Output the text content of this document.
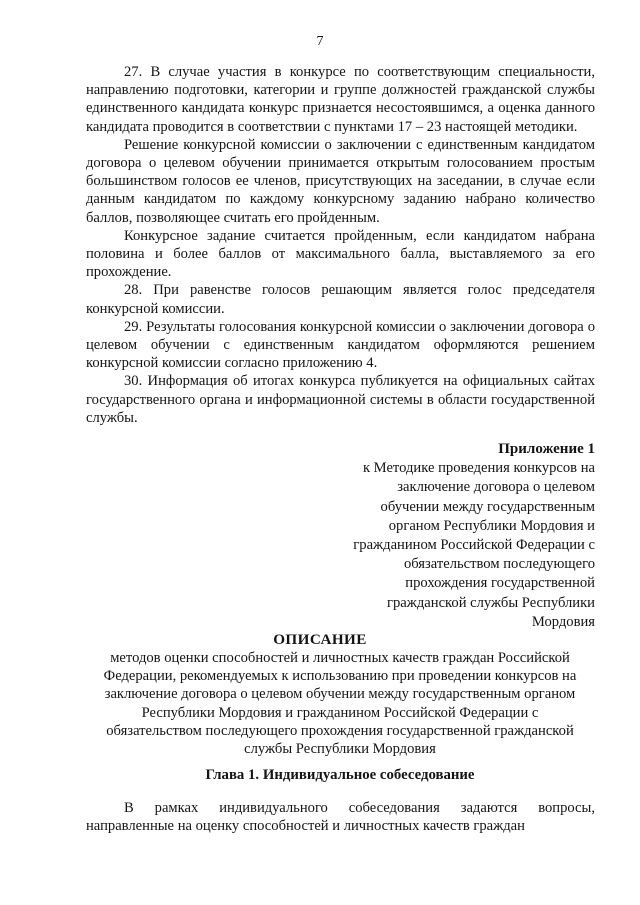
7

27. В случае участия в конкурсе по соответствующим специальности, направлению подготовки, категории и группе должностей гражданской службы единственного кандидата конкурс признается несостоявшимся, а оценка данного кандидата проводится в соответствии с пунктами 17 – 23 настоящей методики.

Решение конкурсной комиссии о заключении с единственным кандидатом договора о целевом обучении принимается открытым голосованием простым большинством голосов ее членов, присутствующих на заседании, в случае если данным кандидатом по каждому конкурсному заданию набрано количество баллов, позволяющее считать его пройденным.

Конкурсное задание считается пройденным, если кандидатом набрана половина и более баллов от максимального балла, выставляемого за его прохождение.

28. При равенстве голосов решающим является голос председателя конкурсной комиссии.

29. Результаты голосования конкурсной комиссии о заключении договора о целевом обучении с единственным кандидатом оформляются решением конкурсной комиссии согласно приложению 4.

30. Информация об итогах конкурса публикуется на официальных сайтах государственного органа и информационной системы в области государственной службы.

Приложение 1
к Методике проведения конкурсов на
заключение договора о целевом
обучении между государственным
органом Республики Мордовия и
гражданином Российской Федерации с
обязательством последующего
прохождения государственной
гражданской службы Республики
Мордовия
ОПИСАНИЕ
методов оценки способностей и личностных качеств граждан Российской
Федерации, рекомендуемых к использованию при проведении конкурсов на
заключение договора о целевом обучении между государственным органом
Республики Мордовия и гражданином Российской Федерации с
обязательством последующего прохождения государственной гражданской
службы Республики Мордовия
Глава 1. Индивидуальное собеседование

В рамках индивидуального собеседования задаются вопросы, направленные на оценку способностей и личностных качеств граждан
